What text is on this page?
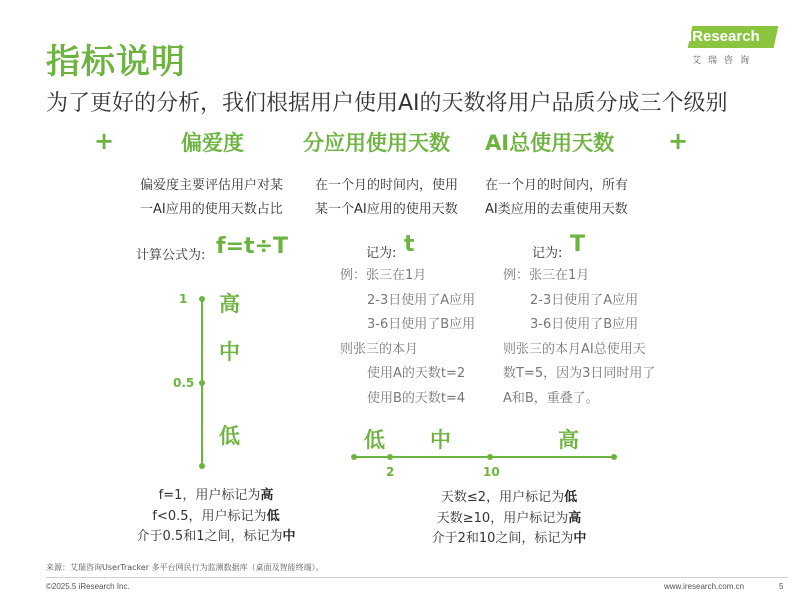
指标说明
为了更好的分析，我们根据用户使用AI的天数将用户品质分成三个级别
iResearch
艾瑞咨询
+	+
偏爱度	分应用使用天数 AI总使用天数
偏爱度主要评估用户对某
一AI应用的使用天数占比
在一个月的时间内，使用
某一个AI应用的使用天数
在一个月的时间内，所有
AI类应用的去重使用天数
计算公式为: f=t÷T	记为: t	记为: T
例：张三在1月
2-3日使用了A应用
3-6日使用了B应用
则张三的本月
使用A的天数t=2
使用B的天数t=4
例：张三在1月
2-3日使用了A应用
3-6日使用了B应用
则张三的本月AI总使用天
数T=5，因为3日同时用了
A和B，重叠了。
1
0.5
高
中
低	低 中	高
2	10
f=1，用户标记为高
f<0.5，用户标记为低
介于0.5和1之间，标记为中
天数≤2，用户标记为低
天数≥10，用户标记为高
介于2和10之间，标记为中
来源：艾瑞咨询UserTracker 多平台网民行为监测数据库（桌面及智能终端）。
©2025.5 iResearch Inc.	www.iresearch.com.cn	5
